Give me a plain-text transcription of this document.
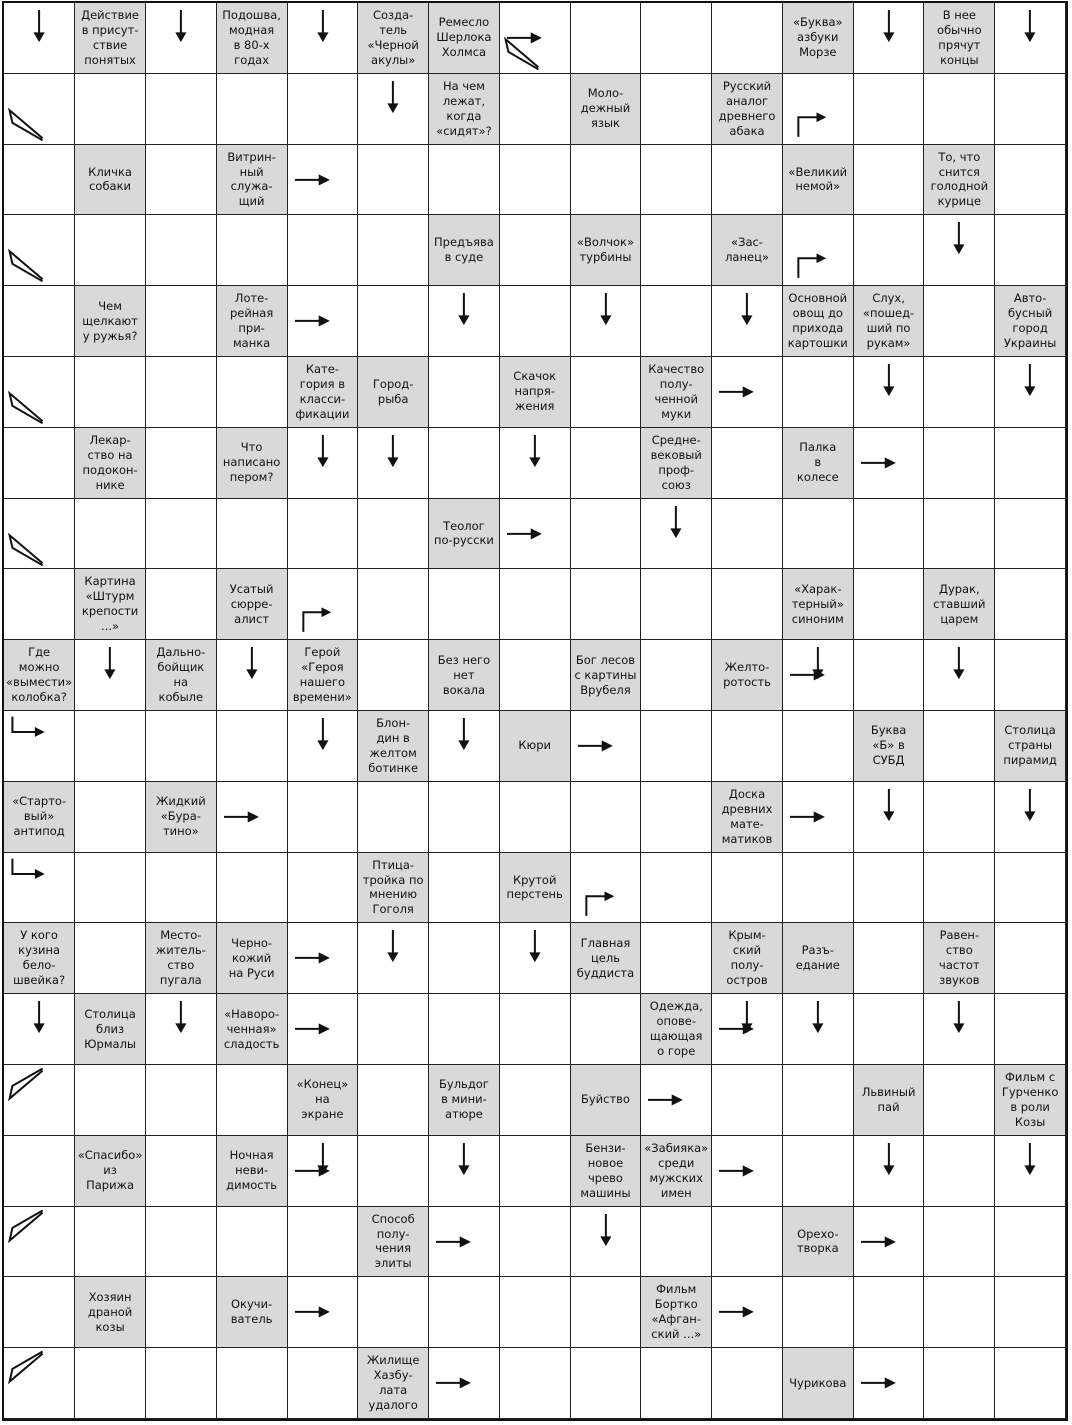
Действие
в присут-
ствие
понятых
Подошва,
модная
в 80-х
годах
Созда-
тель
«Черной
акулы»
Ремесло
Шерлока
Холмса
«Буква»
азбуки
Морзе
В нее
обычно
прячут
концы
На чем
лежат,
когда
«сидят»?
Моло-
дежный
язык
Русский
аналог
древнего
абака
Кличка
собаки
Витрин-
ный
служа-
щий
«Великий
немой»
То, что
снится
голодной
курице
Предъява
в суде
«Волчок»
турбины
«Зас-
ланец»
Чем
щелкают
у ружья?
Лоте-
рейная
при-
манка
Основной
овощ до
прихода
картошки
Слух,
«пошед-
ший по
рукам»
Авто-
бусный
город
Украины
Кате-
гория в
класси-
фикации
Город-
рыба
Скачок
напря-
жения
Качество
полу-
ченной
муки
Лекар-
ство на
подокон-
нике
Что
написано
пером?
Средне-
вековый
проф-
союз
Палка
в
колесе
Теолог
по-русски
Картина
«Штурм
крепости
...»
Усатый
сюрре-
алист
«Харак-
терный»
синоним
Дурак,
ставший
царем
Где
можно
«вымести»
колобка?
Дально-
бойщик
на
кобыле
Герой
«Героя
нашего
времени»
Без него
нет
вокала
Бог лесов
с картины
Врубеля
Желто-
ротость
Блон-
дин в
желтом
ботинке
Кюри
Буква
«Б» в
СУБД
Столица
страны
пирамид
«Старто-
вый»
антипод
Жидкий
«Бура-
тино»
Доска
древних
мате-
матиков
Птица-
тройка по
мнению
Гоголя
Крутой
перстень
У кого
кузина
бело-
швейка?
Место-
житель-
ство
пугала
Черно-
кожий
на Руси
Главная
цель
буддиста
Крым-
ский
полу-
остров
Разъ-
едание
Равен-
ство
частот
звуков
Столица
близ
Юрмалы
«Наворо-
ченная»
сладость
Одежда,
опове-
щающая
о горе
«Конец»
на
экране
Бульдог
в мини-
атюре
Буйство
Львиный
пай
Фильм с
Гурченко
в роли
Козы
«Спасибо»
из
Парижа
Ночная
неви-
димость
Бензи-
новое
чрево
машины
«Забияка»
среди
мужских
имен
Способ
полу-
чения
элиты
Орехо-
творка
Хозяин
драной
козы
Окучи-
ватель
Фильм
Бортко
«Афган-
ский ...»
Жилище
Хазбу-
лата
удалого
Чурикова
